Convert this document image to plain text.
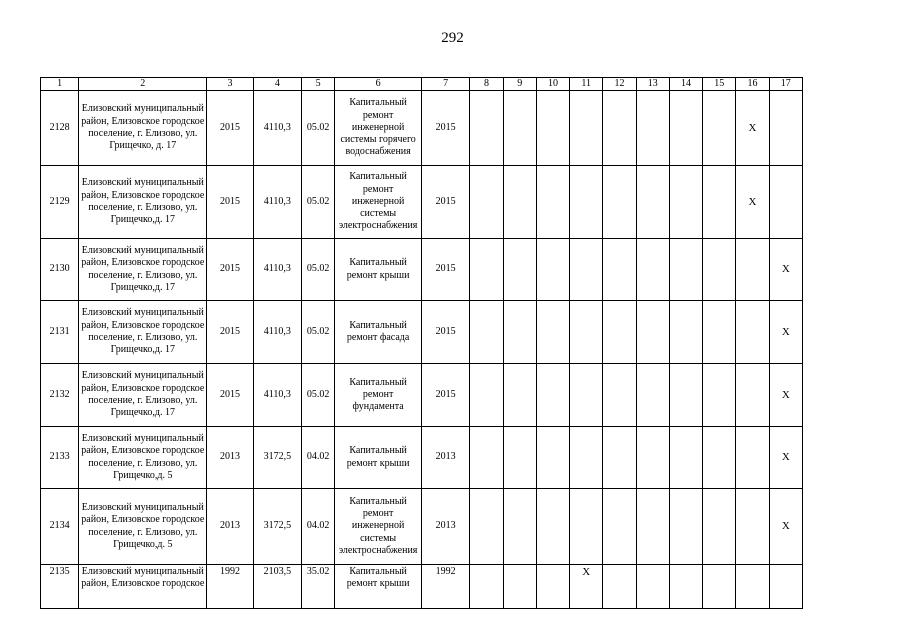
292
1	2	3	4	5	6	7	8	9	10	11	12	13	14	15	16	17
2128	Елизовский муниципальный район, Елизовское городское поселение, г. Елизово, ул. Грищечко, д. 17	2015	4110,3	05.02	Капитальный ремонт инженерной системы горячего водоснабжения	2015									X	
2129	Елизовский муниципальный район, Елизовское городское поселение, г. Елизово, ул. Грищечко,д. 17	2015	4110,3	05.02	Капитальный ремонт инженерной системы электроснабжения	2015									X	
2130	Елизовский муниципальный район, Елизовское городское поселение, г. Елизово, ул. Грищечко,д. 17	2015	4110,3	05.02	Капитальный ремонт крыши	2015										X
2131	Елизовский муниципальный район, Елизовское городское поселение, г. Елизово, ул. Грищечко,д. 17	2015	4110,3	05.02	Капитальный ремонт фасада	2015										X
2132	Елизовский муниципальный район, Елизовское городское поселение, г. Елизово, ул. Грищечко,д. 17	2015	4110,3	05.02	Капитальный ремонт фундамента	2015										X
2133	Елизовский муниципальный район, Елизовское городское поселение, г. Елизово, ул. Грищечко,д. 5	2013	3172,5	04.02	Капитальный ремонт крыши	2013										X
2134	Елизовский муниципальный район, Елизовское городское поселение, г. Елизово, ул. Грищечко,д. 5	2013	3172,5	04.02	Капитальный ремонт инженерной системы электроснабжения	2013										X
2135	Елизовский муниципальный район, Елизовское городское	1992	2103,5	35.02	Капитальный ремонт крыши	1992				X						
